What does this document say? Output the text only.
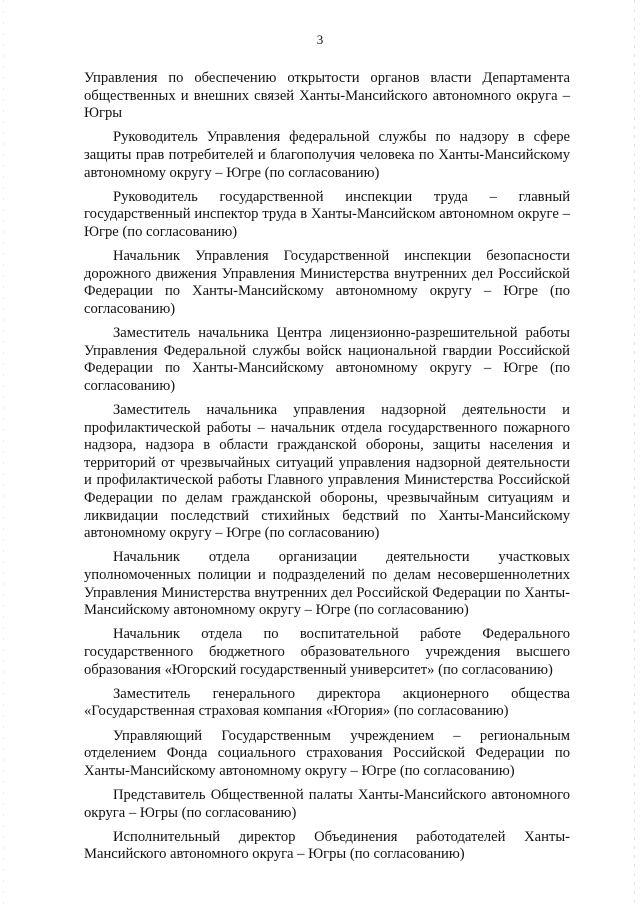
3

Управления по обеспечению открытости органов власти Департамента общественных и внешних связей Ханты-Мансийского автономного округа – Югры

Руководитель Управления федеральной службы по надзору в сфере защиты прав потребителей и благополучия человека по Ханты-Мансийскому автономному округу – Югре (по согласованию)

Руководитель государственной инспекции труда – главный государственный инспектор труда в Ханты-Мансийском автономном округе – Югре (по согласованию)

Начальник Управления Государственной инспекции безопасности дорожного движения Управления Министерства внутренних дел Российской Федерации по Ханты-Мансийскому автономному округу – Югре (по согласованию)

Заместитель начальника Центра лицензионно-разрешительной работы Управления Федеральной службы войск национальной гвардии Российской Федерации по Ханты-Мансийскому автономному округу – Югре (по согласованию)

Заместитель начальника управления надзорной деятельности и профилактической работы – начальник отдела государственного пожарного надзора, надзора в области гражданской обороны, защиты населения и территорий от чрезвычайных ситуаций управления надзорной деятельности и профилактической работы Главного управления Министерства Российской Федерации по делам гражданской обороны, чрезвычайным ситуациям и ликвидации последствий стихийных бедствий по Ханты-Мансийскому автономному округу – Югре (по согласованию)

Начальник отдела организации деятельности участковых уполномоченных полиции и подразделений по делам несовершеннолетних Управления Министерства внутренних дел Российской Федерации по Ханты-Мансийскому автономному округу – Югре (по согласованию)

Начальник отдела по воспитательной работе Федерального государственного бюджетного образовательного учреждения высшего образования «Югорский государственный университет» (по согласованию)

Заместитель генерального директора акционерного общества «Государственная страховая компания «Югория» (по согласованию)

Управляющий Государственным учреждением – региональным отделением Фонда социального страхования Российской Федерации по Ханты-Мансийскому автономному округу – Югре (по согласованию)

Представитель Общественной палаты Ханты-Мансийского автономного округа – Югры (по согласованию)

Исполнительный директор Объединения работодателей Ханты-Мансийского автономного округа – Югры (по согласованию)
